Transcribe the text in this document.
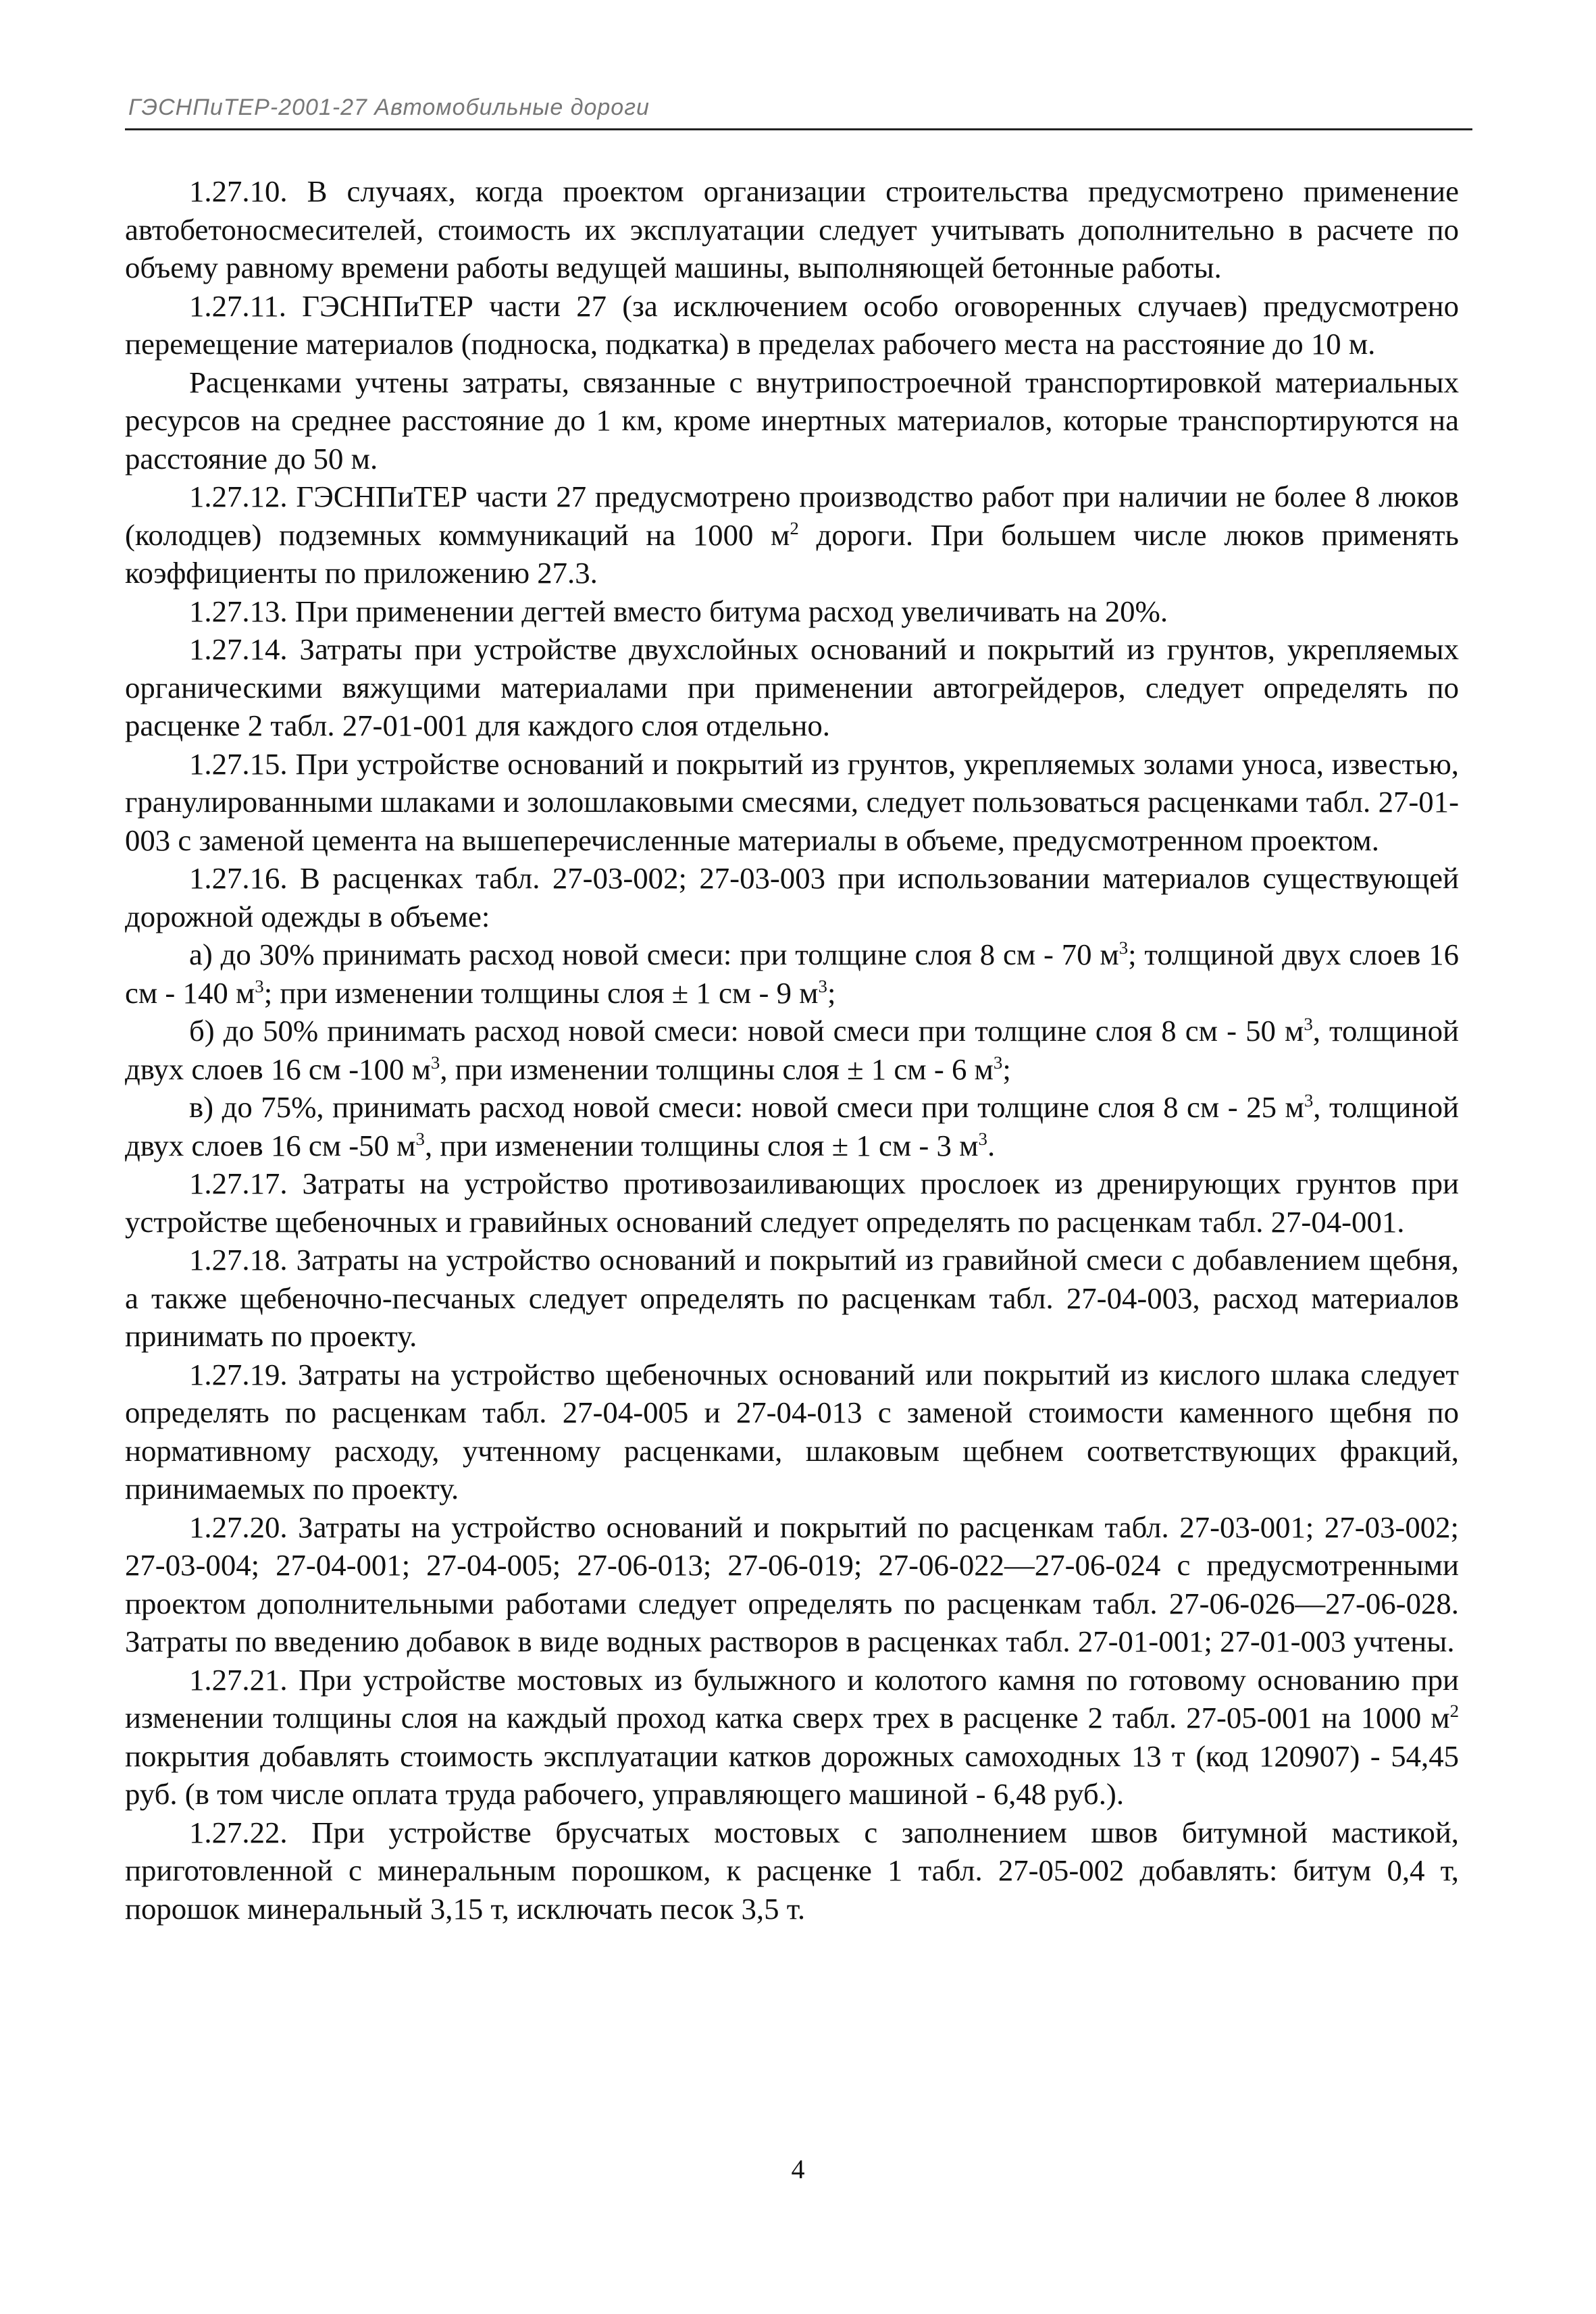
ГЭСНПиТЕР-2001-27 Автомобильные дороги

1.27.10. В случаях, когда проектом организации строительства предусмотрено применение автобетоносмесителей, стоимость их эксплуатации следует учитывать дополнительно в расчете по объему равному времени работы ведущей машины, выполняющей бетонные работы.

1.27.11. ГЭСНПиТЕР части 27 (за исключением особо оговоренных случаев) предусмотрено перемещение материалов (подноска, подкатка) в пределах рабочего места на расстояние до 10 м.

Расценками учтены затраты, связанные с внутрипостроечной транспортировкой материальных ресурсов на среднее расстояние до 1 км, кроме инертных материалов, которые транспортируются на расстояние до 50 м.

1.27.12. ГЭСНПиТЕР части 27 предусмотрено производство работ при наличии не более 8 люков (колодцев) подземных коммуникаций на 1000 $м^2$ дороги. При большем числе люков применять коэффициенты по приложению 27.3.

1.27.13. При применении дегтей вместо битума расход увеличивать на 20%.

1.27.14. Затраты при устройстве двухслойных оснований и покрытий из грунтов, укрепляемых органическими вяжущими материалами при применении автогрейдеров, следует определять по расценке 2 табл. 27-01-001 для каждого слоя отдельно.

1.27.15. При устройстве оснований и покрытий из грунтов, укрепляемых золами уноса, известью, гранулированными шлаками и золошлаковыми смесями, следует пользоваться расценками табл. 27-01-003 с заменой цемента на вышеперечисленные материалы в объеме, предусмотренном проектом.

1.27.16. В расценках табл. 27-03-002; 27-03-003 при использовании материалов существующей дорожной одежды в объеме:

а) до 30% принимать расход новой смеси: при толщине слоя 8 см - 70 $м^3$; толщиной двух слоев 16 см - 140 $м^3$; при изменении толщины слоя ± 1 см - 9 $м^3$;

б) до 50% принимать расход новой смеси: новой смеси при толщине слоя 8 см - 50 $м^3$, толщиной двух слоев 16 см -100 $м^3$, при изменении толщины слоя ± 1 см - 6 $м^3$;

в) до 75%, принимать расход новой смеси: новой смеси при толщине слоя 8 см - 25 $м^3$, толщиной двух слоев 16 см -50 $м^3$, при изменении толщины слоя ± 1 см - 3 $м^3$.

1.27.17. Затраты на устройство противозаиливающих прослоек из дренирующих грунтов при устройстве щебеночных и гравийных оснований следует определять по расценкам табл. 27-04-001.

1.27.18. Затраты на устройство оснований и покрытий из гравийной смеси с добавлением щебня, а также щебеночно-песчаных следует определять по расценкам табл. 27-04-003, расход материалов принимать по проекту.

1.27.19. Затраты на устройство щебеночных оснований или покрытий из кислого шлака следует определять по расценкам табл. 27-04-005 и 27-04-013 с заменой стоимости каменного щебня по нормативному расходу, учтенному расценками, шлаковым щебнем соответствующих фракций, принимаемых по проекту.

1.27.20. Затраты на устройство оснований и покрытий по расценкам табл. 27-03-001; 27-03-002; 27-03-004; 27-04-001; 27-04-005; 27-06-013; 27-06-019; 27-06-022—27-06-024 с предусмотренными проектом дополнительными работами следует определять по расценкам табл. 27-06-026—27-06-028. Затраты по введению добавок в виде водных растворов в расценках табл. 27-01-001; 27-01-003 учтены.

1.27.21. При устройстве мостовых из булыжного и колотого камня по готовому основанию при изменении толщины слоя на каждый проход катка сверх трех в расценке 2 табл. 27-05-001 на 1000 $м^2$ покрытия добавлять стоимость эксплуатации катков дорожных самоходных 13 т (код 120907) - 54,45 руб. (в том числе оплата труда рабочего, управляющего машиной - 6,48 руб.).

1.27.22. При устройстве брусчатых мостовых с заполнением швов битумной мастикой, приготовленной с минеральным порошком, к расценке 1 табл. 27-05-002 добавлять: битум 0,4 т, порошок минеральный 3,15 т, исключать песок 3,5 т.

4
